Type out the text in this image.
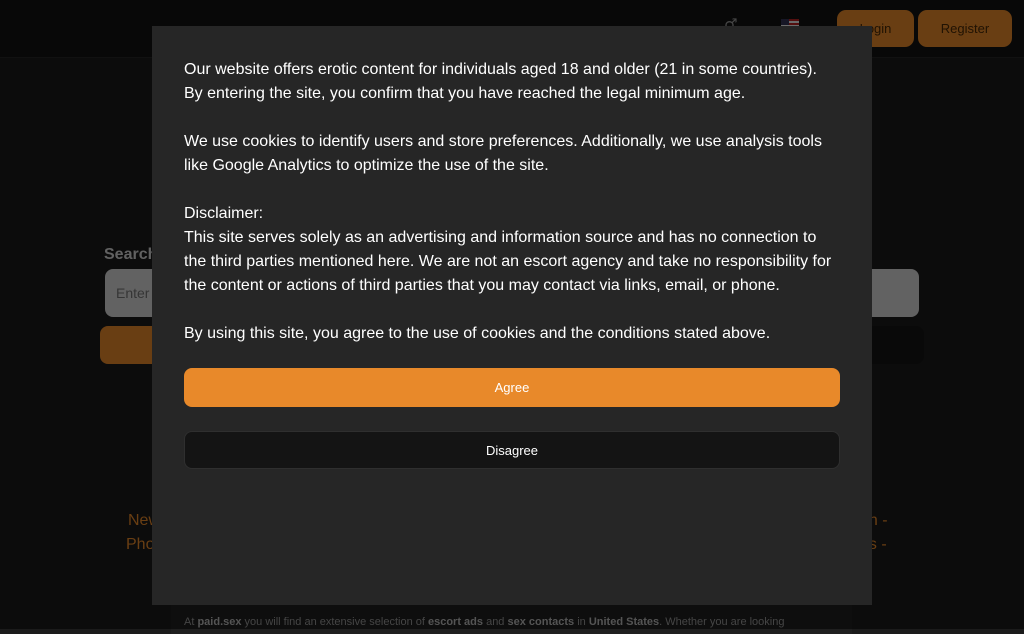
Our website offers erotic content for individuals aged 18 and older (21 in some countries).
By entering the site, you confirm that you have reached the legal minimum age.

We use cookies to identify users and store preferences. Additionally, we use analysis tools
like Google Analytics to optimize the use of the site.

Disclaimer:
This site serves solely as an advertising and information source and has no connection to
the third parties mentioned here. We are not an escort agency and take no responsibility for
the content or actions of third parties that you may contact via links, email, or phone.

By using this site, you agree to the use of cookies and the conditions stated above.

Agree
Disagree
